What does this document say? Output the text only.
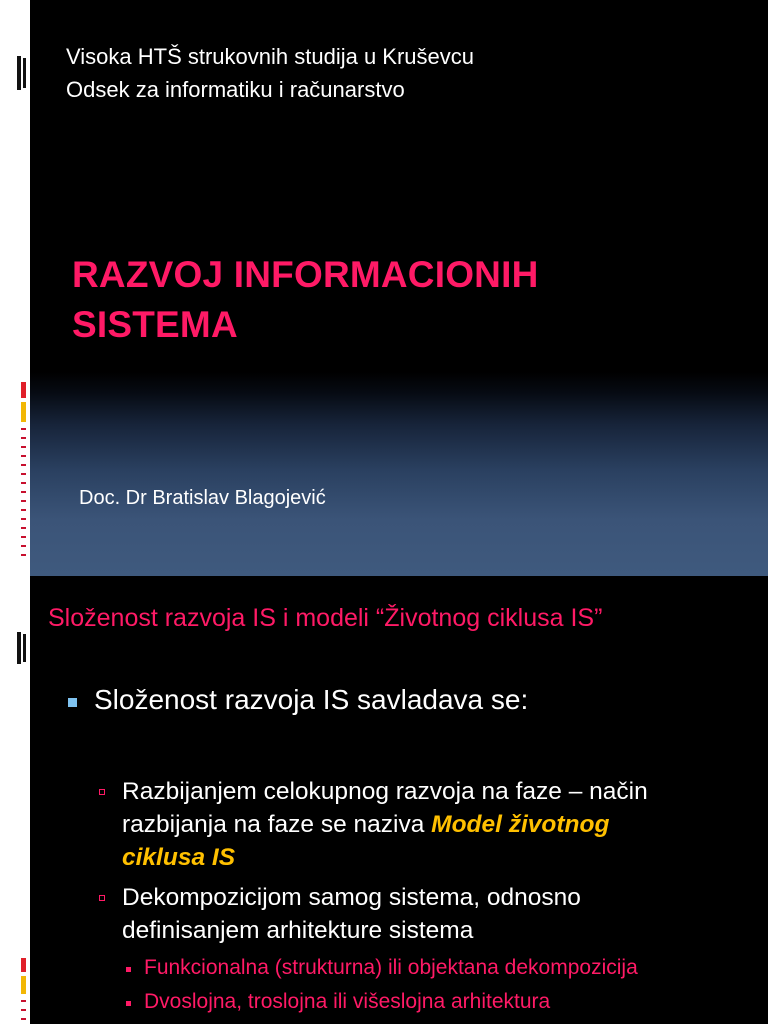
Visoka HTŠ strukovnih studija u Kruševcu
Odsek za informatiku i računarstvo
RAZVOJ INFORMACIONIH
SISTEMA
Doc. Dr Bratislav Blagojević
Složenost razvoja IS i modeli “Životnog ciklusa IS”
Složenost razvoja IS savladava se:
Razbijanjem celokupnog razvoja na faze – način
razbijanja na faze se naziva Model životnog
ciklusa IS
Dekompozicijom samog sistema, odnosno
definisanjem arhitekture sistema
Funkcionalna (strukturna) ili objektana dekompozicija
Dvoslojna, troslojna ili višeslojna arhitektura
